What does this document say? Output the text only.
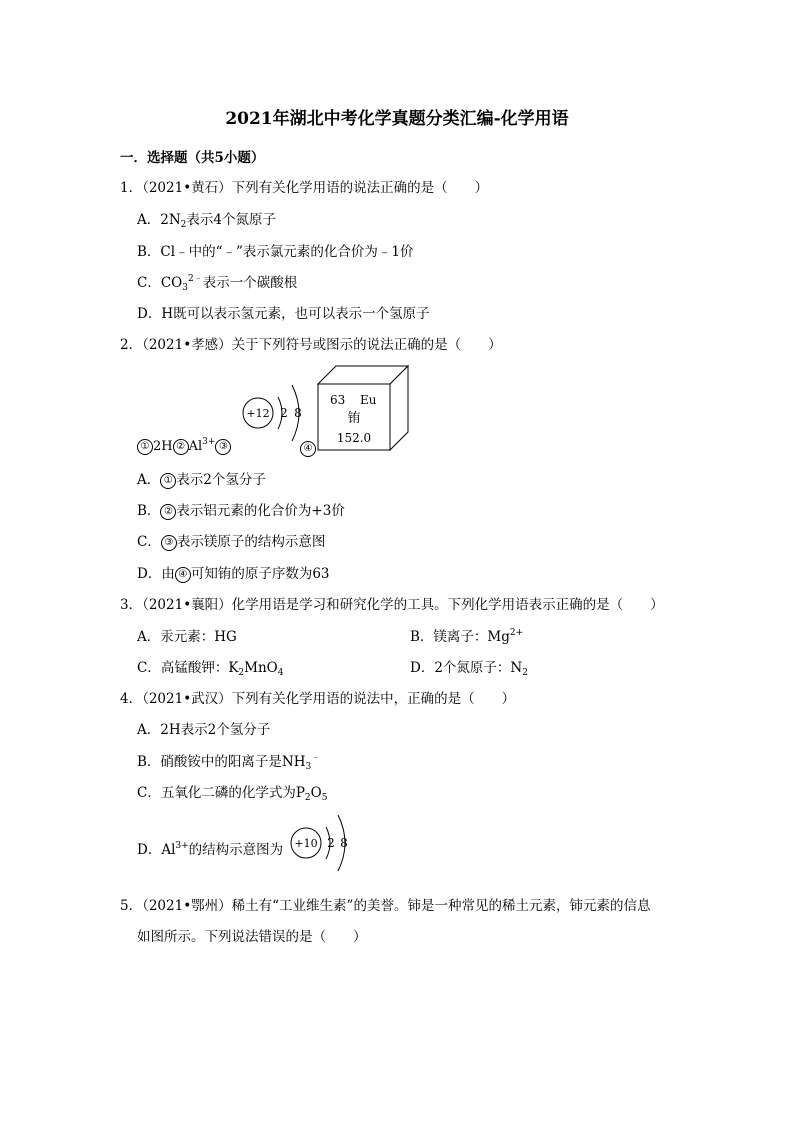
2021年湖北中考化学真题分类汇编-化学用语
一．选择题（共5小题）
1．（2021•黄石）下列有关化学用语的说法正确的是（　　）
A．$2N_2$表示4个氮原子
B．Cl﹣中的“﹣”表示氯元素的化合价为﹣1价
C．$CO_3^{2﹣}$表示一个碳酸根
D．H既可以表示氢元素，也可以表示一个氢原子
2．（2021•孝感）关于下列符号或图示的说法正确的是（　　）
① 2H ② $Al^{3+}$ ③
+12 2 8
④
63 Eu
铕
152.0
A． ① 表示2个氢分子
B． ② 表示铝元素的化合价为+3价
C． ③ 表示镁原子的结构示意图
D．由 ④ 可知铕的原子序数为63
3．（2021•襄阳）化学用语是学习和研究化学的工具。下列化学用语表示正确的是（　　）
A．汞元素：HG	B．镁离子：$Mg^{2+}$
C．高锰酸钾：$K_2MnO_4$	D．2个氮原子：$N_2$
4．（2021•武汉）下列有关化学用语的说法中，正确的是（　　）
A．2H表示2个氢分子
B．硝酸铵中的阳离子是$NH_3^﹣$
C．五氧化二磷的化学式为$P_2O_5$
+10 2 8
D．$Al^{3+}$的结构示意图为
5．（2021•鄂州）稀土有“工业维生素”的美誉。铈是一种常见的稀土元素，铈元素的信息
如图所示。下列说法错误的是（　　）
